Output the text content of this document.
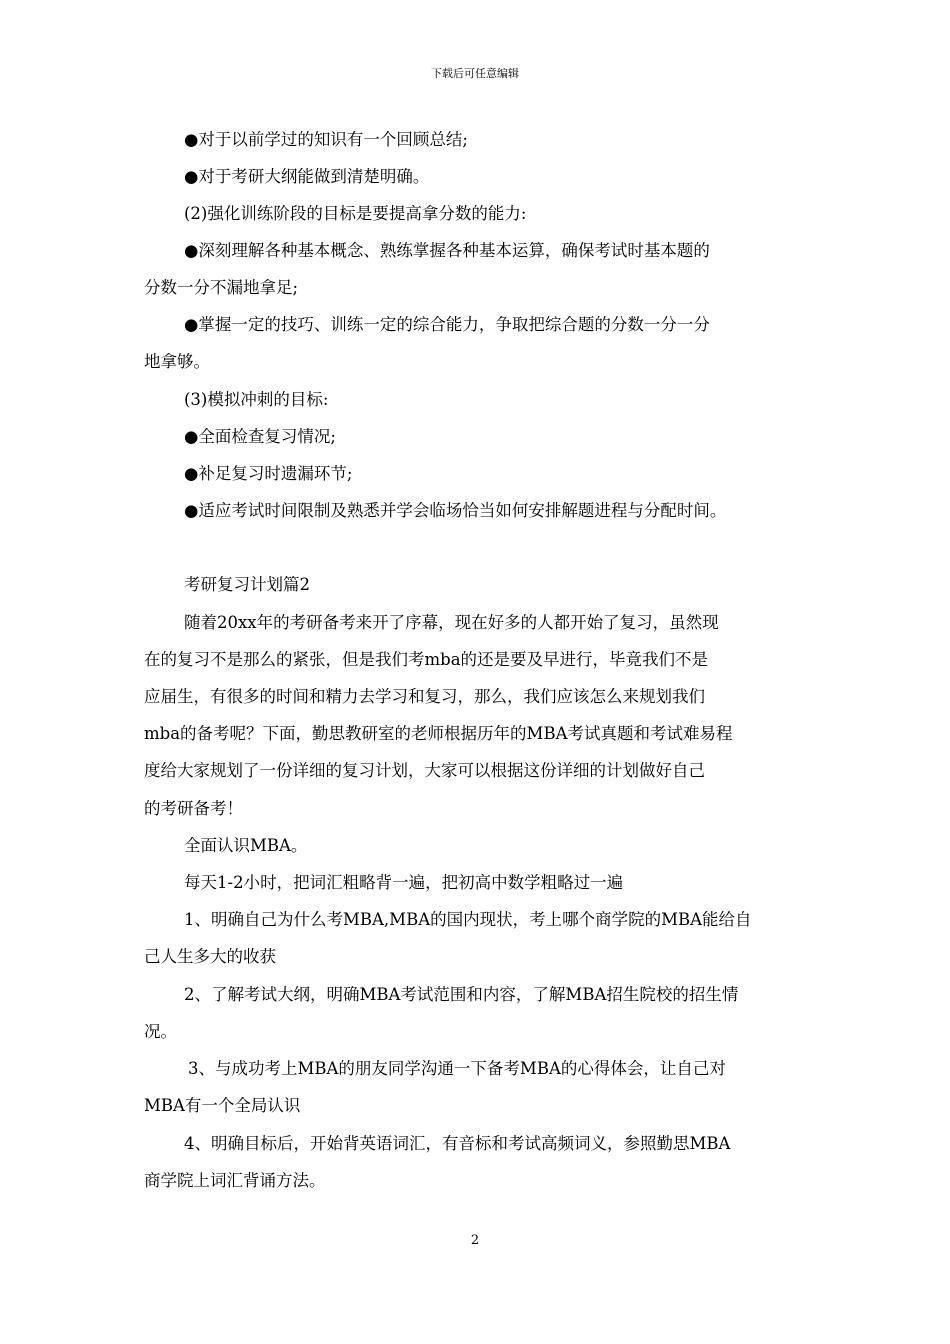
下载后可任意编辑
●对于以前学过的知识有一个回顾总结;
●对于考研大纲能做到清楚明确。
(2)强化训练阶段的目标是要提高拿分数的能力:
●深刻理解各种基本概念、熟练掌握各种基本运算，确保考试时基本题的
分数一分不漏地拿足;
●掌握一定的技巧、训练一定的综合能力，争取把综合题的分数一分一分
地拿够。
(3)模拟冲刺的目标:
●全面检查复习情况;
●补足复习时遗漏环节;
●适应考试时间限制及熟悉并学会临场恰当如何安排解题进程与分配时间。
考研复习计划篇2
随着20xx年的考研备考来开了序幕，现在好多的人都开始了复习，虽然现
在的复习不是那么的紧张，但是我们考mba的还是要及早进行，毕竟我们不是
应届生，有很多的时间和精力去学习和复习，那么，我们应该怎么来规划我们
mba的备考呢？下面，勤思教研室的老师根据历年的MBA考试真题和考试难易程
度给大家规划了一份详细的复习计划，大家可以根据这份详细的计划做好自己
的考研备考！
全面认识MBA。
每天1-2小时，把词汇粗略背一遍，把初高中数学粗略过一遍
1、明确自己为什么考MBA,MBA的国内现状，考上哪个商学院的MBA能给自
己人生多大的收获
2、了解考试大纲，明确MBA考试范围和内容，了解MBA招生院校的招生情
况。
3、与成功考上MBA的朋友同学沟通一下备考MBA的心得体会，让自己对
MBA有一个全局认识
4、明确目标后，开始背英语词汇，有音标和考试高频词义，参照勤思MBA
商学院上词汇背诵方法。
2
